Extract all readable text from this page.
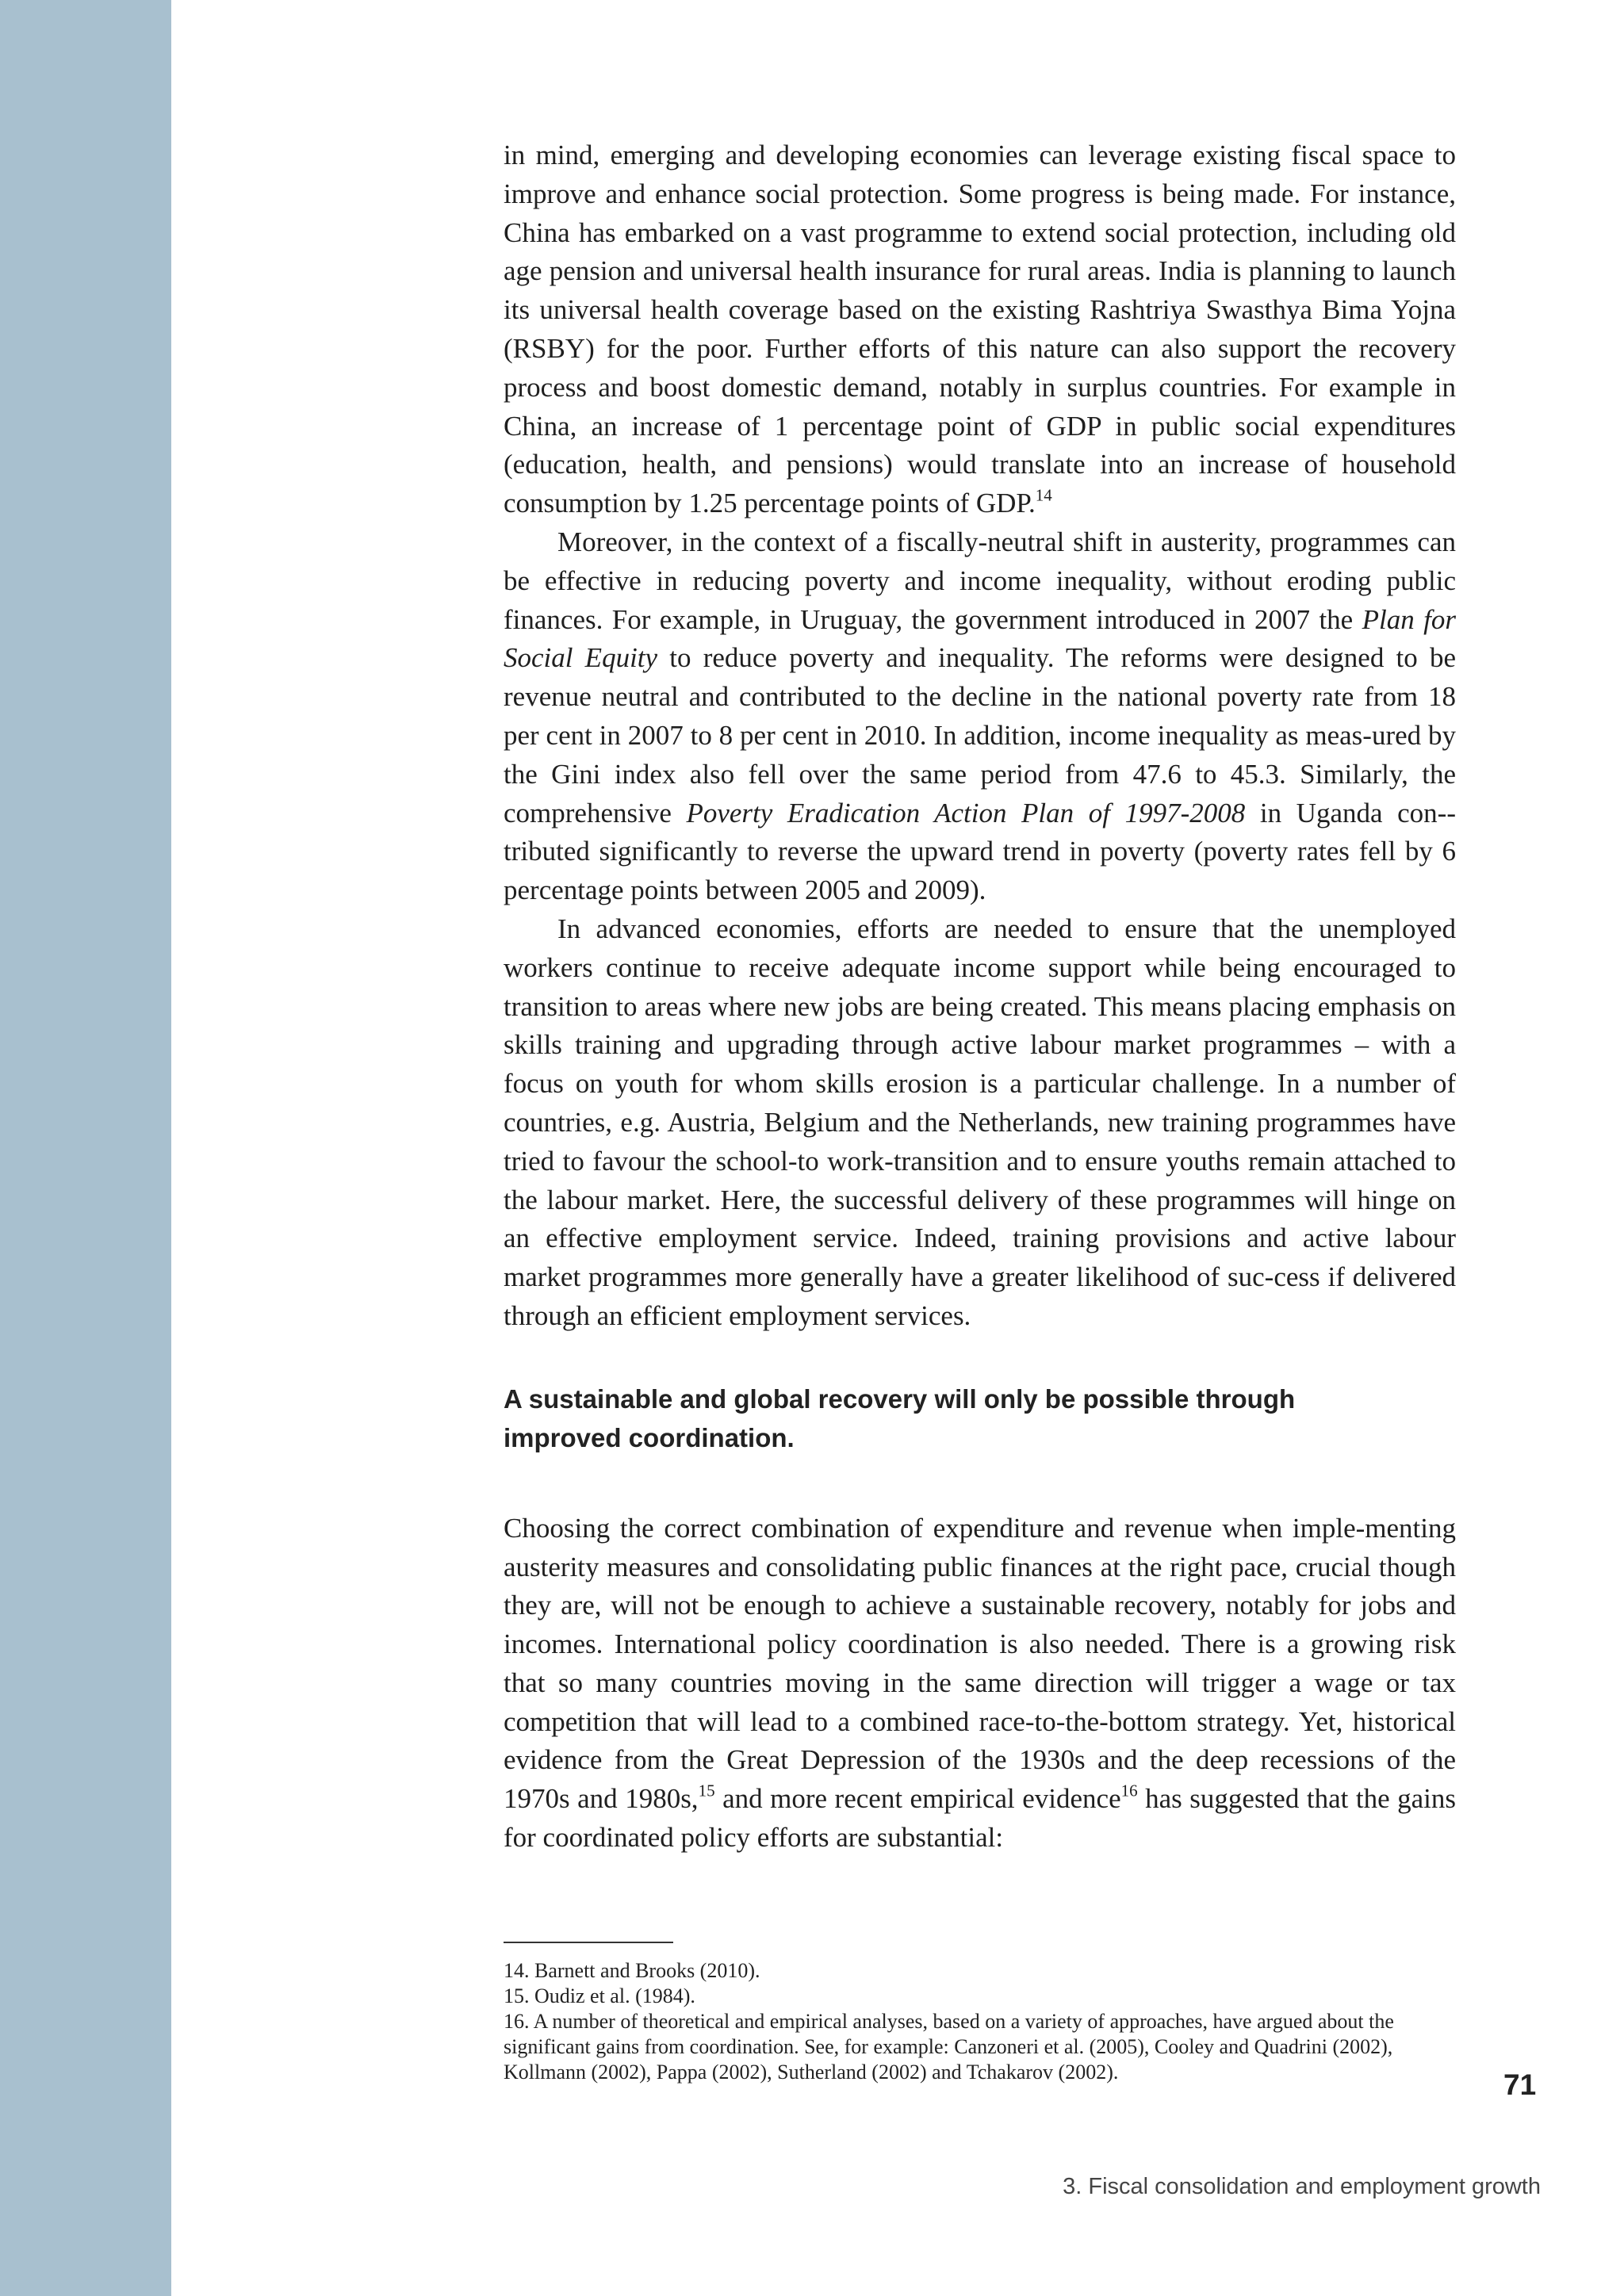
in mind, emerging and developing economies can leverage existing fiscal space to improve and enhance social protection. Some progress is being made. For instance, China has embarked on a vast programme to extend social protection, including old age pension and universal health insurance for rural areas. India is planning to launch its universal health coverage based on the existing Rashtriya Swasthya Bima Yojna (RSBY) for the poor. Further efforts of this nature can also support the recovery process and boost domestic demand, notably in surplus countries. For example in China, an increase of 1 percentage point of GDP in public social expenditures (education, health, and pensions) would translate into an increase of household consumption by 1.25 percentage points of GDP.$^{14}$

Moreover, in the context of a fiscally-neutral shift in austerity, programmes can be effective in reducing poverty and income inequality, without eroding public finances. For example, in Uruguay, the government introduced in 2007 the Plan for Social Equity to reduce poverty and inequality. The reforms were designed to be revenue neutral and contributed to the decline in the national poverty rate from 18 per cent in 2007 to 8 per cent in 2010. In addition, income inequality as meas-ured by the Gini index also fell over the same period from 47.6 to 45.3. Similarly, the comprehensive Poverty Eradication Action Plan of 1997-2008 in Uganda con-tributed significantly to reverse the upward trend in poverty (poverty rates fell by 6 percentage points between 2005 and 2009).

In advanced economies, efforts are needed to ensure that the unemployed workers continue to receive adequate income support while being encouraged to transition to areas where new jobs are being created. This means placing emphasis on skills training and upgrading through active labour market programmes – with a focus on youth for whom skills erosion is a particular challenge. In a number of countries, e.g. Austria, Belgium and the Netherlands, new training programmes have tried to favour the school-to work-transition and to ensure youths remain attached to the labour market. Here, the successful delivery of these programmes will hinge on an effective employment service. Indeed, training provisions and active labour market programmes more generally have a greater likelihood of suc-cess if delivered through an efficient employment services.

A sustainable and global recovery will only be possible through improved coordination.

Choosing the correct combination of expenditure and revenue when imple-menting austerity measures and consolidating public finances at the right pace, crucial though they are, will not be enough to achieve a sustainable recovery, notably for jobs and incomes. International policy coordination is also needed. There is a growing risk that so many countries moving in the same direction will trigger a wage or tax competition that will lead to a combined race-to-the-bottom strategy. Yet, historical evidence from the Great Depression of the 1930s and the deep recessions of the 1970s and 1980s,$^{15}$ and more recent empirical evidence$^{16}$ has suggested that the gains for coordinated policy efforts are substantial:

14. Barnett and Brooks (2010).

15. Oudiz et al. (1984).

16. A number of theoretical and empirical analyses, based on a variety of approaches, have argued about the significant gains from coordination. See, for example: Canzoneri et al. (2005), Cooley and Quadrini (2002), Kollmann (2002), Pappa (2002), Sutherland (2002) and Tchakarov (2002).	71
3. Fiscal consolidation and employment growth
